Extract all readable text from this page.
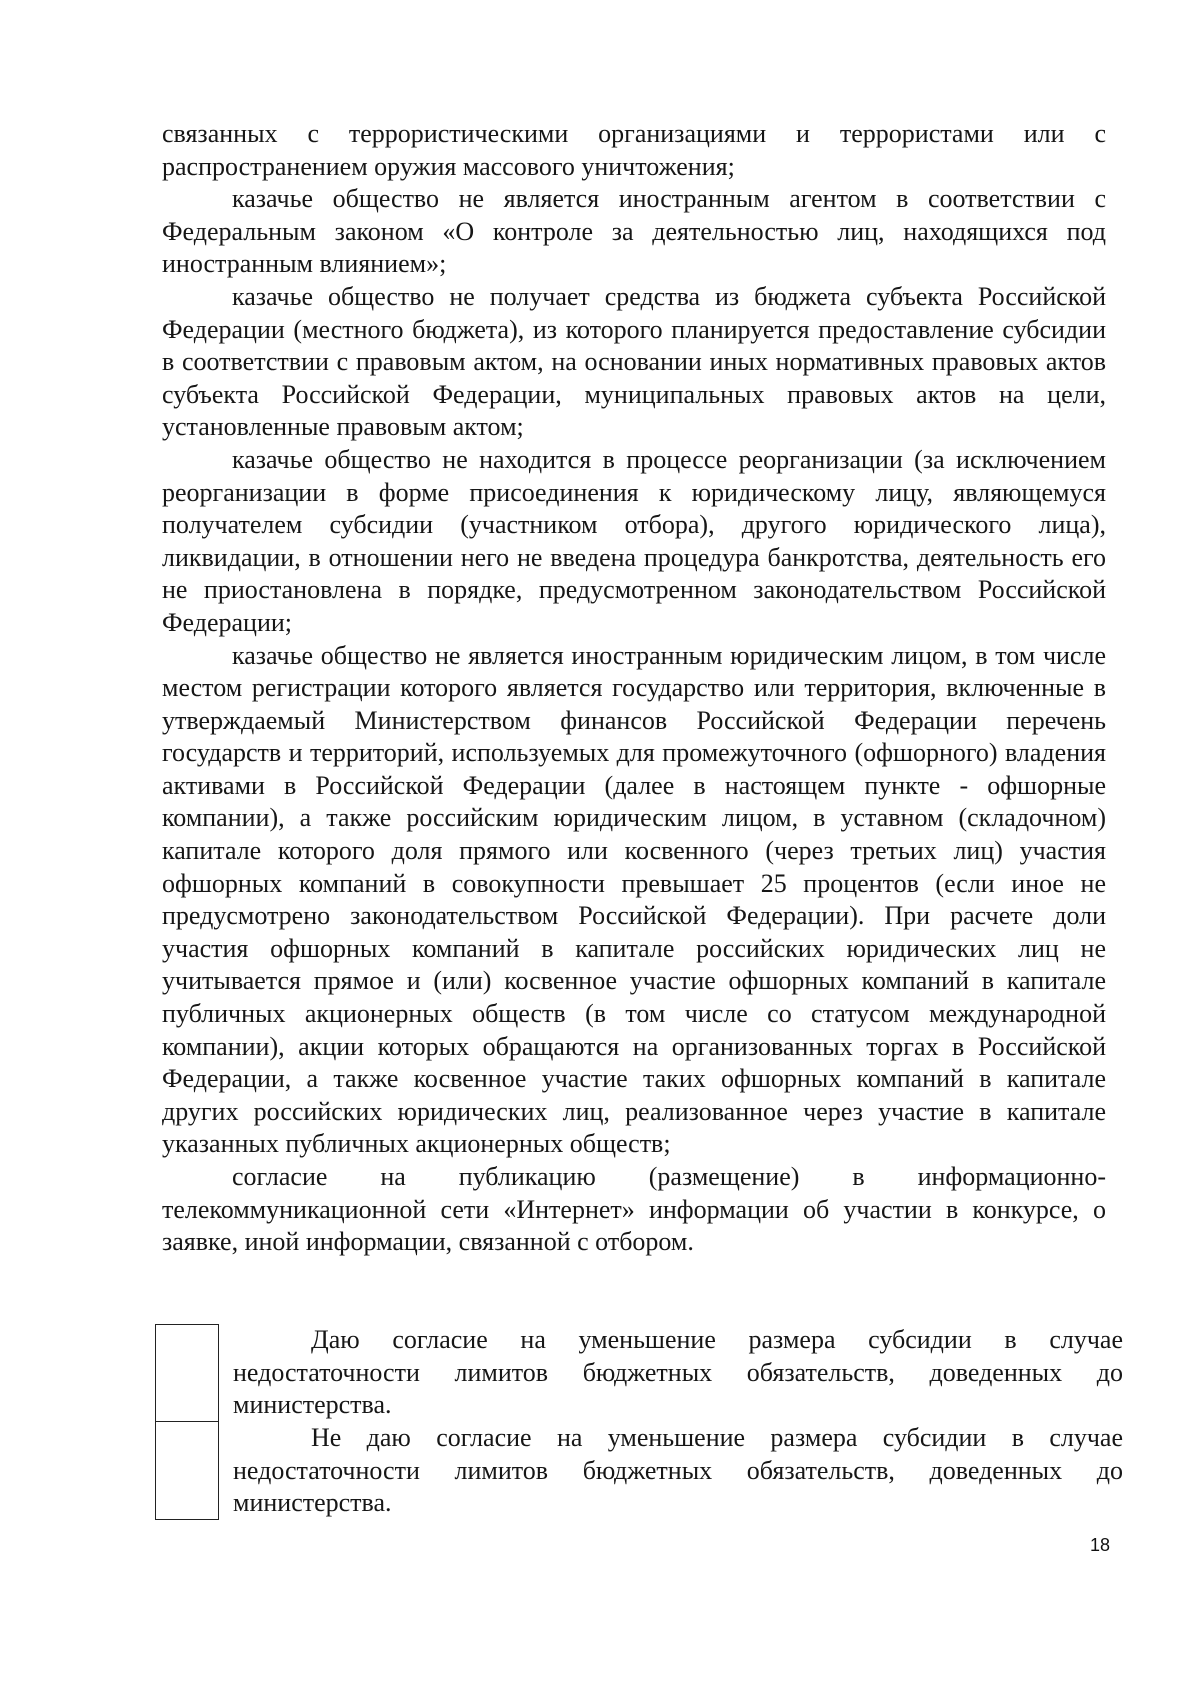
связанных с террористическими организациями и террористами или с распространением оружия массового уничтожения;

казачье общество не является иностранным агентом в соответствии с Федеральным законом «О контроле за деятельностью лиц, находящихся под иностранным влиянием»;

казачье общество не получает средства из бюджета субъекта Российской Федерации (местного бюджета), из которого планируется предоставление субсидии в соответствии с правовым актом, на основании иных нормативных правовых актов субъекта Российской Федерации, муниципальных правовых актов на цели, установленные правовым актом;

казачье общество не находится в процессе реорганизации (за исключением реорганизации в форме присоединения к юридическому лицу, являющемуся получателем субсидии (участником отбора), другого юридического лица), ликвидации, в отношении него не введена процедура банкротства, деятельность его не приостановлена в порядке, предусмотренном законодательством Российской Федерации;

казачье общество не является иностранным юридическим лицом, в том числе местом регистрации которого является государство или территория, включенные в утверждаемый Министерством финансов Российской Федерации перечень государств и территорий, используемых для промежуточного (офшорного) владения активами в Российской Федерации (далее в настоящем пункте - офшорные компании), а также российским юридическим лицом, в уставном (складочном) капитале которого доля прямого или косвенного (через третьих лиц) участия офшорных компаний в совокупности превышает 25 процентов (если иное не предусмотрено законодательством Российской Федерации). При расчете доли участия офшорных компаний в капитале российских юридических лиц не учитывается прямое и (или) косвенное участие офшорных компаний в капитале публичных акционерных обществ (в том числе со статусом международной компании), акции которых обращаются на организованных торгах в Российской Федерации, а также косвенное участие таких офшорных компаний в капитале других российских юридических лиц, реализованное через участие в капитале указанных публичных акционерных обществ;

согласие на публикацию (размещение) в информационно-телекоммуникационной сети «Интернет» информации об участии в конкурсе, о заявке, иной информации, связанной с отбором.

Даю согласие на уменьшение размера субсидии в случае недостаточности лимитов бюджетных обязательств, доведенных до министерства.

Не даю согласие на уменьшение размера субсидии в случае недостаточности лимитов бюджетных обязательств, доведенных до министерства.

18
